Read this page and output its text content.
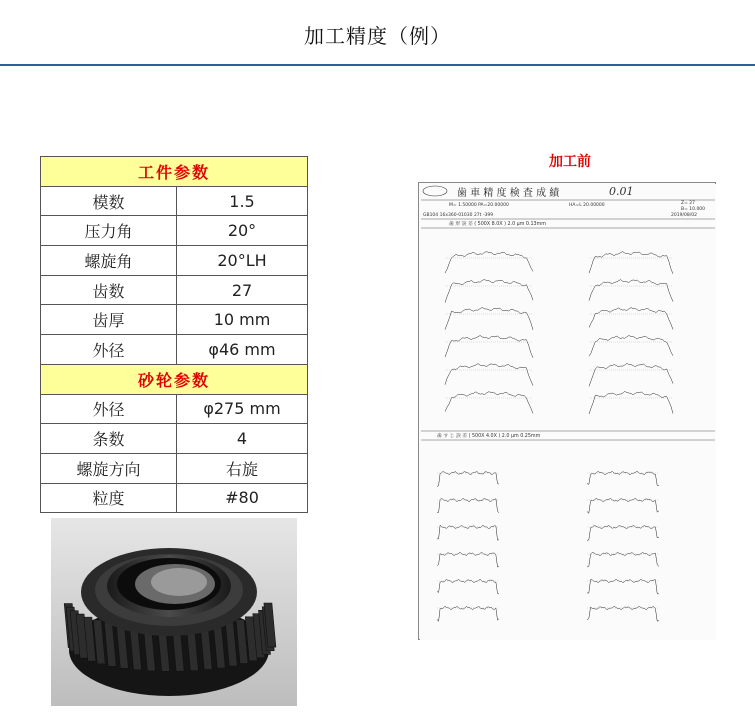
加工精度（例）
工件参数	
模数	1.5
压力角	20°
螺旋角	20°LH
齿数	27
齿厚	10 mm
外径	φ46 mm
砂轮参数	
外径	φ275 mm
条数	4
螺旋方向	右旋
粒度	#80
加工前
歯 車 精 度 検 査 成 績	0.01
M= 1.50000 PA=20.00000	HA=L 20.00000	Z= 27
B= 10.000
GB104 16x360-01030 27t -399	2019/08/02
歯 形 誤 差 ( 500X 8.0X ) 2.0 μm 0.13mm
歯 す じ 誤 差 ( 500X 4.0X ) 2.0 μm 0.25mm
